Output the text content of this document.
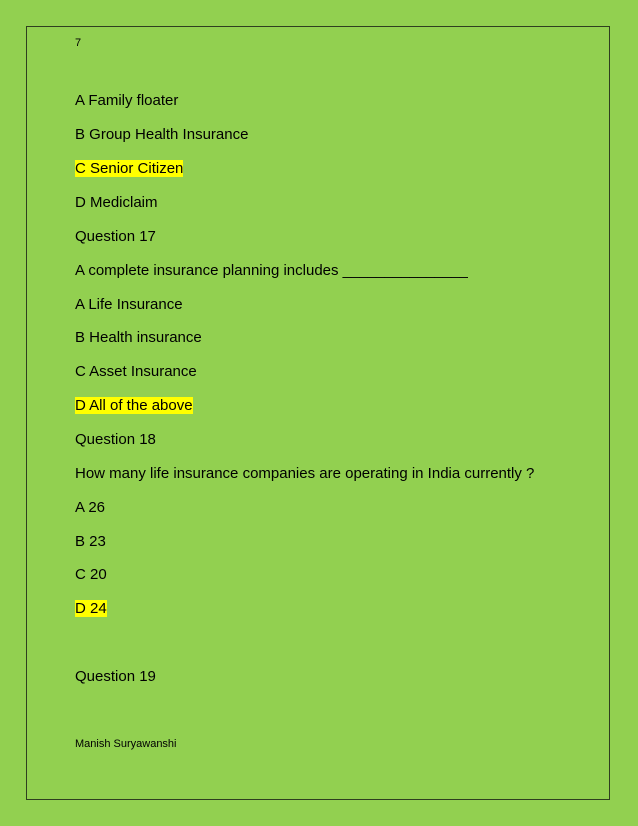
7
A Family floater
B Group Health Insurance
C Senior Citizen
D Mediclaim
Question 17
A complete insurance planning includes _______________
A Life Insurance
B Health insurance
C Asset Insurance
D All of the above
Question 18
How many life insurance companies are operating in India currently ?
A 26
B 23
C 20
D 24
Question 19
Manish Suryawanshi
